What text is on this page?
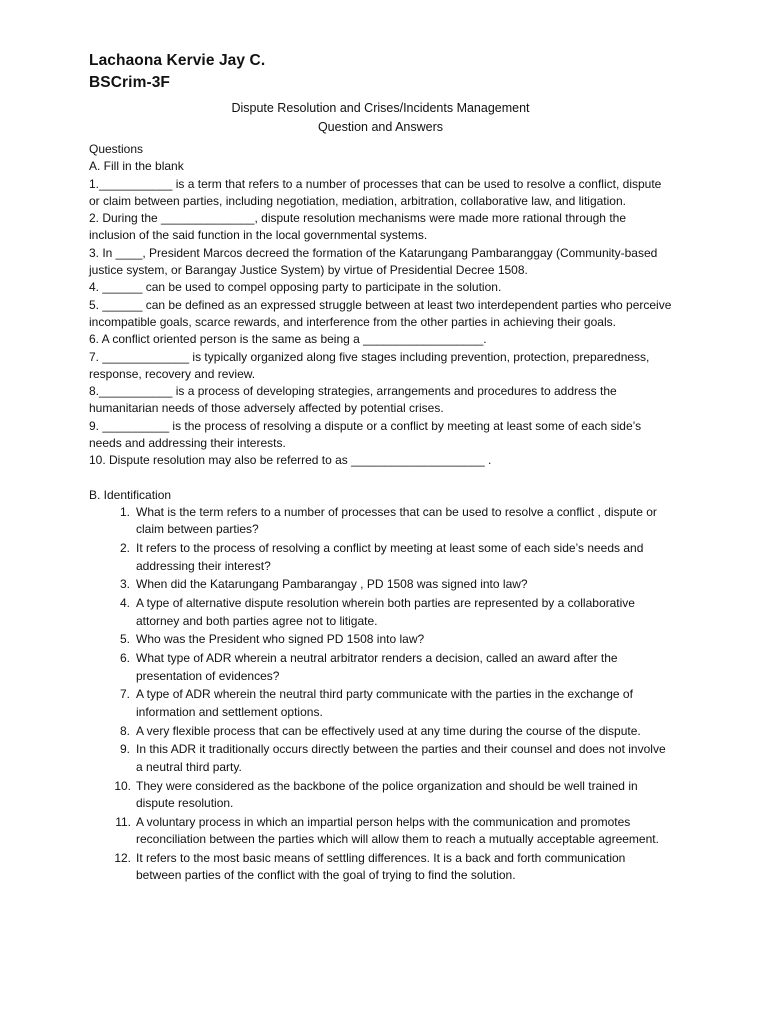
Lachaona Kervie Jay C.
BSCrim-3F
Dispute Resolution and Crises/Incidents Management
Question and Answers
Questions
A. Fill in the blank

1.___________ is a term that refers to a number of processes that can be used to resolve a conflict, dispute or claim between parties, including negotiation, mediation, arbitration, collaborative law, and litigation.

2. During the ______________, dispute resolution mechanisms were made more rational through the inclusion of the said function in the local governmental systems.

3. In ____, President Marcos decreed the formation of the Katarungang Pambaranggay (Community-based justice system, or Barangay Justice System) by virtue of Presidential Decree 1508.

4. ______ can be used to compel opposing party to participate in the solution.

5. ______ can be defined as an expressed struggle between at least two interdependent parties who perceive incompatible goals, scarce rewards, and interference from the other parties in achieving their goals.

6. A conflict oriented person is the same as being a __________________.

7. _____________ is typically organized along five stages including prevention, protection, preparedness, response, recovery and review.

8.___________ is a process of developing strategies, arrangements and procedures to address the humanitarian needs of those adversely affected by potential crises.

9. __________ is the process of resolving a dispute or a conflict by meeting at least some of each side’s needs and addressing their interests.

10. Dispute resolution may also be referred to as ____________________ .

B. Identification
1. What is the term refers to a number of processes that can be used to resolve a conflict , dispute or claim between parties?
2. It refers to the process of resolving a conflict by meeting at least some of each side’s needs and addressing their interest?
3. When did the Katarungang Pambarangay , PD 1508 was signed into law?
4. A type of alternative dispute resolution wherein both parties are represented by a collaborative attorney and both parties agree not to litigate.
5. Who was the President who signed PD 1508 into law?
6. What type of ADR wherein a neutral arbitrator renders a decision, called an award after the presentation of evidences?
7. A type of ADR wherein the neutral third party communicate with the parties in the exchange of information and settlement options.
8. A very flexible process that can be effectively used at any time during the course of the dispute.
9. In this ADR it traditionally occurs directly between the parties and their counsel and does not involve a neutral third party.
10. They were considered as the backbone of the police organization and should be well trained in dispute resolution.
11. A voluntary process in which an impartial person helps with the communication and promotes reconciliation between the parties which will allow them to reach a mutually acceptable agreement.
12. It refers to the most basic means of settling differences. It is a back and forth communication between parties of the conflict with the goal of trying to find the solution.
